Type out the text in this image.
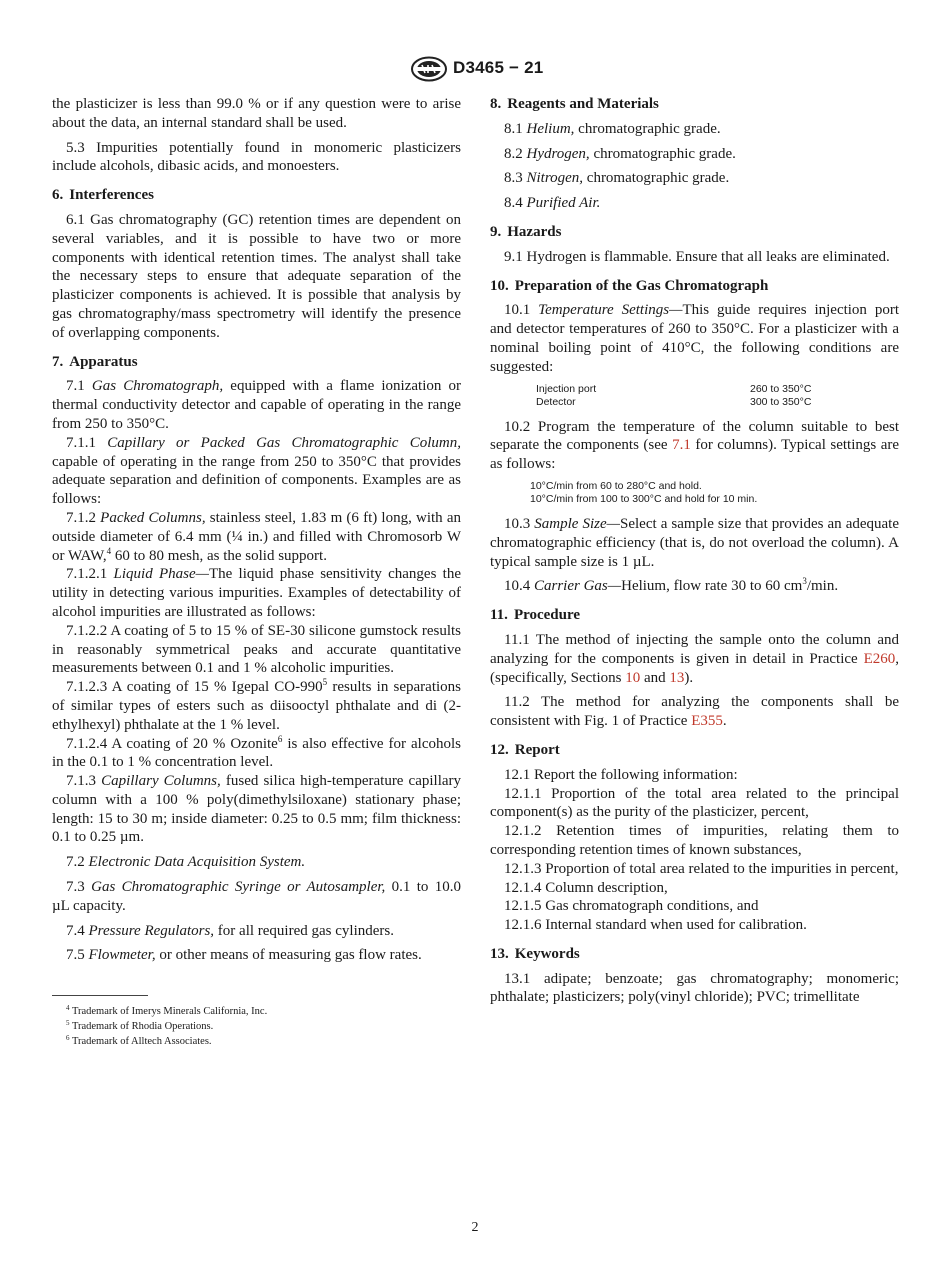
D3465 − 21

the plasticizer is less than 99.0 % or if any question were to arise about the data, an internal standard shall be used.

5.3 Impurities potentially found in monomeric plasticizers include alcohols, dibasic acids, and monoesters.

6. Interferences

6.1 Gas chromatography (GC) retention times are dependent on several variables, and it is possible to have two or more components with identical retention times. The analyst shall take the necessary steps to ensure that adequate separation of the plasticizer components is achieved. It is possible that analysis by gas chromatography/mass spectrometry will identify the presence of overlapping components.

7. Apparatus

7.1 Gas Chromatograph, equipped with a flame ionization or thermal conductivity detector and capable of operating in the range from 250 to 350°C.

7.1.1 Capillary or Packed Gas Chromatographic Column, capable of operating in the range from 250 to 350°C that provides adequate separation and definition of components. Examples are as follows:

7.1.2 Packed Columns, stainless steel, 1.83 m (6 ft) long, with an outside diameter of 6.4 mm (¼ in.) and filled with Chromosorb W or WAW,$^4$ 60 to 80 mesh, as the solid support.

7.1.2.1 Liquid Phase—The liquid phase sensitivity changes the utility in detecting various impurities. Examples of detectability of alcohol impurities are illustrated as follows:

7.1.2.2 A coating of 5 to 15 % of SE-30 silicone gumstock results in reasonably symmetrical peaks and accurate quantitative measurements between 0.1 and 1 % alcoholic impurities.

7.1.2.3 A coating of 15 % Igepal $CO-990^5$ results in separations of similar types of esters such as diisooctyl phthalate and di (2-ethylhexyl) phthalate at the 1 % level.

7.1.2.4 A coating of 20 % Ozonite$^6$ is also effective for alcohols in the 0.1 to 1 % concentration level.

7.1.3 Capillary Columns, fused silica high-temperature capillary column with a 100 % poly(dimethylsiloxane) stationary phase; length: 15 to 30 m; inside diameter: 0.25 to 0.5 mm; film thickness: 0.1 to 0.25 µm.

7.2 Electronic Data Acquisition System.

7.3 Gas Chromatographic Syringe or Autosampler, 0.1 to 10.0 µL capacity.

7.4 Pressure Regulators, for all required gas cylinders.

7.5 Flowmeter, or other means of measuring gas flow rates.

$^4$ Trademark of Imerys Minerals California, Inc.
$^5$ Trademark of Rhodia Operations.
$^6$ Trademark of Alltech Associates.
8. Reagents and Materials

8.1 Helium, chromatographic grade.

8.2 Hydrogen, chromatographic grade.

8.3 Nitrogen, chromatographic grade.

8.4 Purified Air.

9. Hazards

9.1 Hydrogen is flammable. Ensure that all leaks are eliminated.

10. Preparation of the Gas Chromatograph

10.1 Temperature Settings—This guide requires injection port and detector temperatures of 260 to 350°C. For a plasticizer with a nominal boiling point of 410°C, the following conditions are suggested:

Injection port	260 to 350°C
Detector	300 to 350°C

10.2 Program the temperature of the column suitable to best separate the components (see 7.1 for columns). Typical settings are as follows:

10°C/min from 60 to 280°C and hold.
10°C/min from 100 to 300°C and hold for 10 min.

10.3 Sample Size—Select a sample size that provides an adequate chromatographic efficiency (that is, do not overload the column). A typical sample size is 1 µL.

10.4 Carrier Gas—Helium, flow rate 30 to 60 $cm^3/\min$.

11. Procedure

11.1 The method of injecting the sample onto the column and analyzing for the components is given in detail in Practice E260, (specifically, Sections 10 and 13).

11.2 The method for analyzing the components shall be consistent with Fig. 1 of Practice E355.

12. Report

12.1 Report the following information:

12.1.1 Proportion of the total area related to the principal component(s) as the purity of the plasticizer, percent,

12.1.2 Retention times of impurities, relating them to corresponding retention times of known substances,

12.1.3 Proportion of total area related to the impurities in percent,

12.1.4 Column description,

12.1.5 Gas chromatograph conditions, and

12.1.6 Internal standard when used for calibration.

13. Keywords

13.1 adipate; benzoate; gas chromatography; monomeric; phthalate; plasticizers; poly(vinyl chloride); PVC; trimellitate

2
